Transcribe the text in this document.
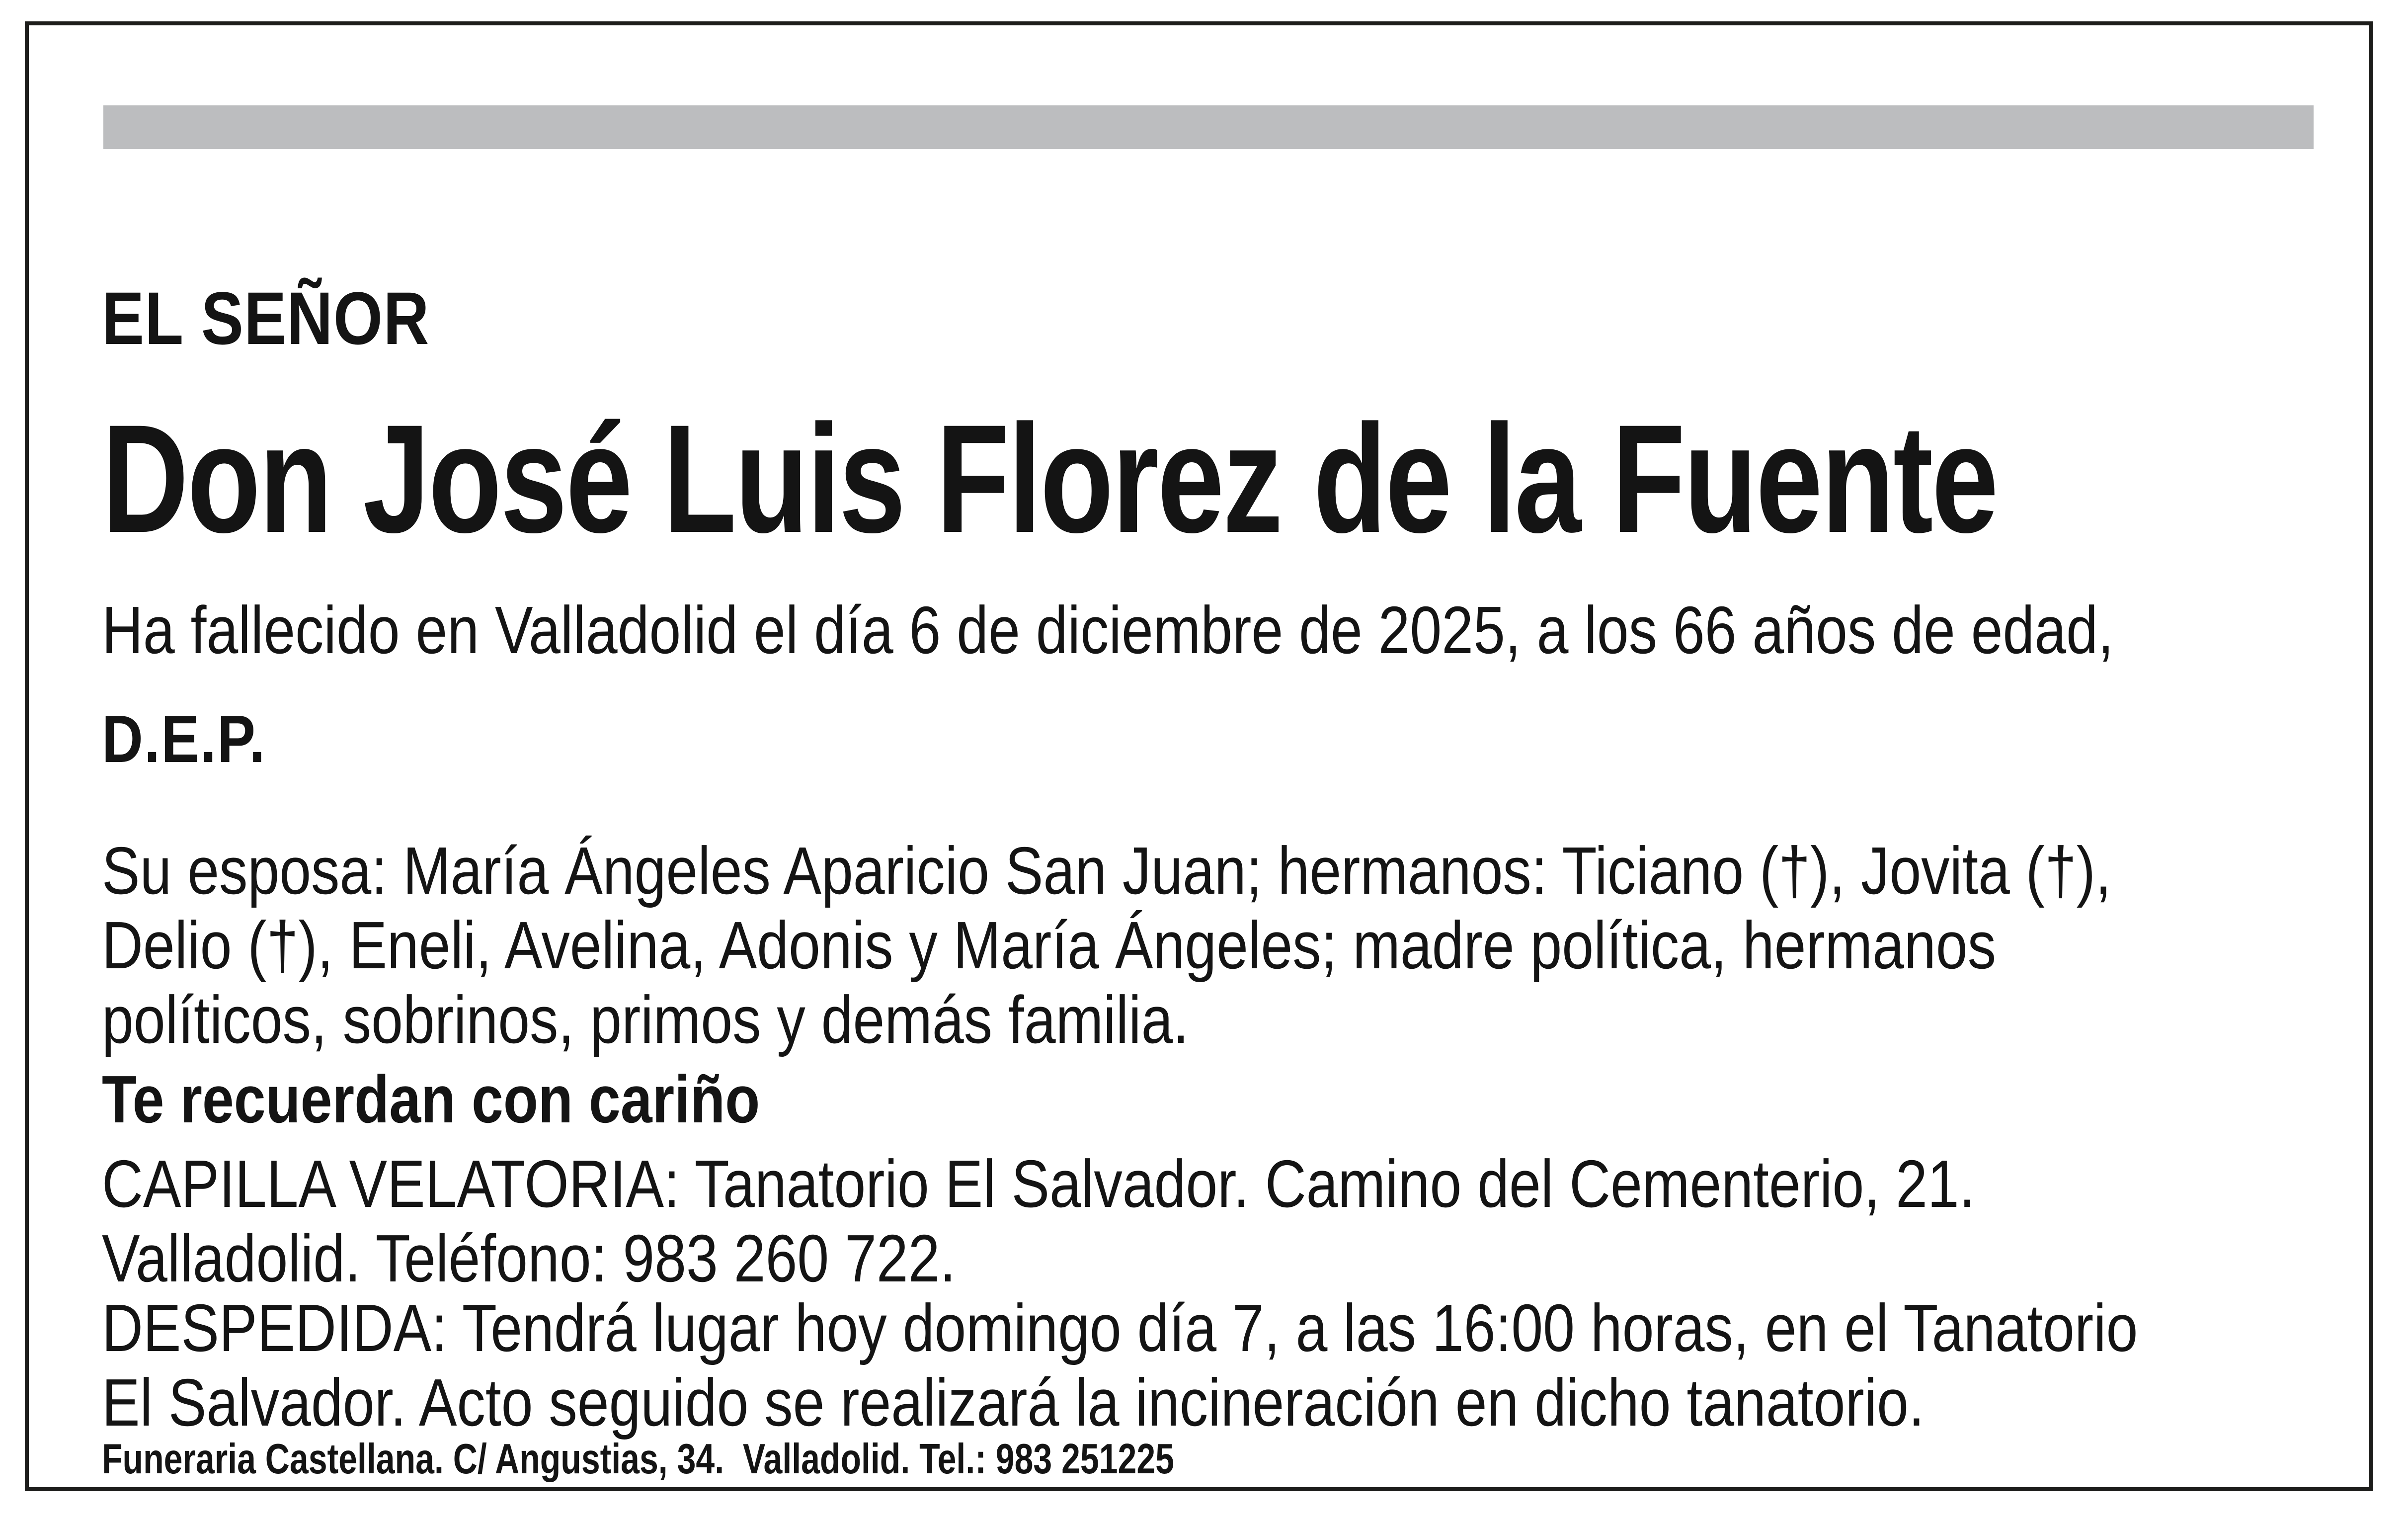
EL SEÑOR
Don José Luis Florez de la Fuente
Ha fallecido en Valladolid el día 6 de diciembre de 2025, a los 66 años de edad,
D.E.P.
Su esposa: María Ángeles Aparicio San Juan; hermanos: Ticiano (†), Jovita (†),
Delio (†), Eneli, Avelina, Adonis y María Ángeles; madre política, hermanos
políticos, sobrinos, primos y demás familia.
Te recuerdan con cariño
CAPILLA VELATORIA: Tanatorio El Salvador. Camino del Cementerio, 21.
Valladolid. Teléfono: 983 260 722.
DESPEDIDA: Tendrá lugar hoy domingo día 7, a las 16:00 horas, en el Tanatorio
El Salvador. Acto seguido se realizará la incineración en dicho tanatorio.
Funeraria Castellana. C/ Angustias, 34.  Valladolid. Tel.: 983 251225
